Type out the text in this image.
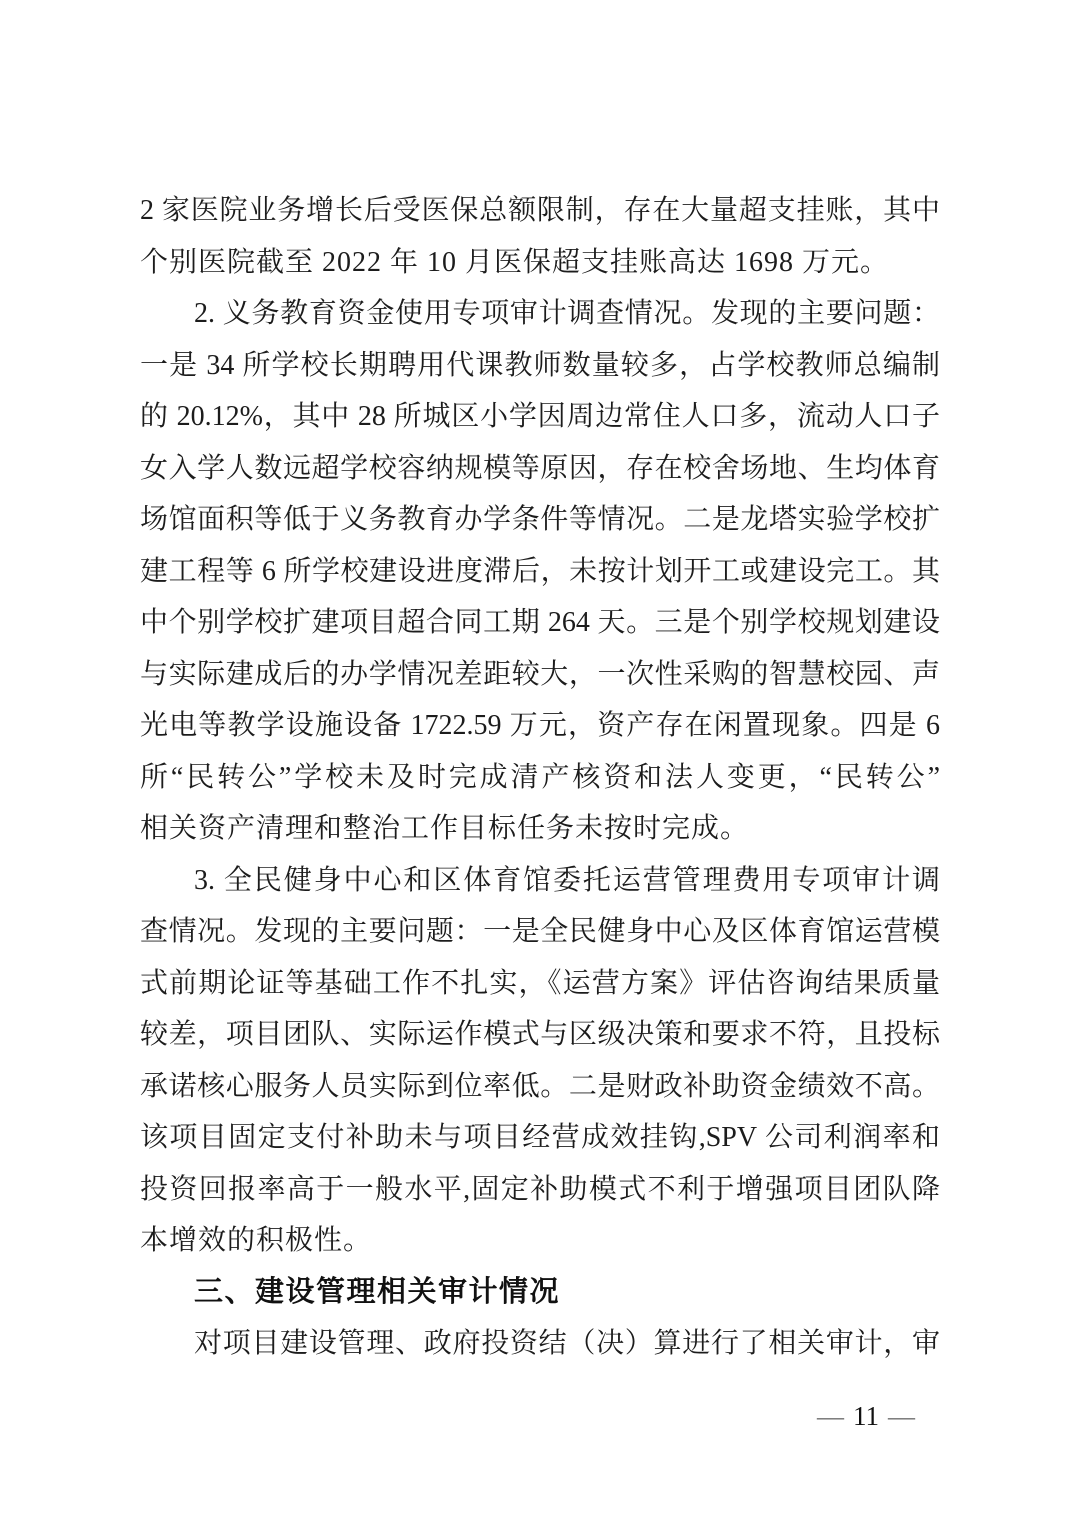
2 家医院业务增长后受医保总额限制，存在大量超支挂账，其中
个别医院截至 2022 年 10 月医保超支挂账高达 1698 万元。
2. 义务教育资金使用专项审计调查情况。发现的主要问题：
一是 34 所学校长期聘用代课教师数量较多，占学校教师总编制
的 20.12%，其中 28 所城区小学因周边常住人口多，流动人口子
女入学人数远超学校容纳规模等原因，存在校舍场地、生均体育
场馆面积等低于义务教育办学条件等情况。二是龙塔实验学校扩
建工程等 6 所学校建设进度滞后，未按计划开工或建设完工。其
中个别学校扩建项目超合同工期 264 天。三是个别学校规划建设
与实际建成后的办学情况差距较大，一次性采购的智慧校园、声
光电等教学设施设备 1722.59 万元，资产存在闲置现象。四是 6
所“民转公”学校未及时完成清产核资和法人变更，“民转公”
相关资产清理和整治工作目标任务未按时完成。
3. 全民健身中心和区体育馆委托运营管理费用专项审计调
查情况。发现的主要问题：一是全民健身中心及区体育馆运营模
式前期论证等基础工作不扎实，《运营方案》评估咨询结果质量
较差，项目团队、实际运作模式与区级决策和要求不符，且投标
承诺核心服务人员实际到位率低。二是财政补助资金绩效不高。
该项目固定支付补助未与项目经营成效挂钩,SPV 公司利润率和
投资回报率高于一般水平,固定补助模式不利于增强项目团队降
本增效的积极性。
三、建设管理相关审计情况
对项目建设管理、政府投资结（决）算进行了相关审计，审
— 11 —
